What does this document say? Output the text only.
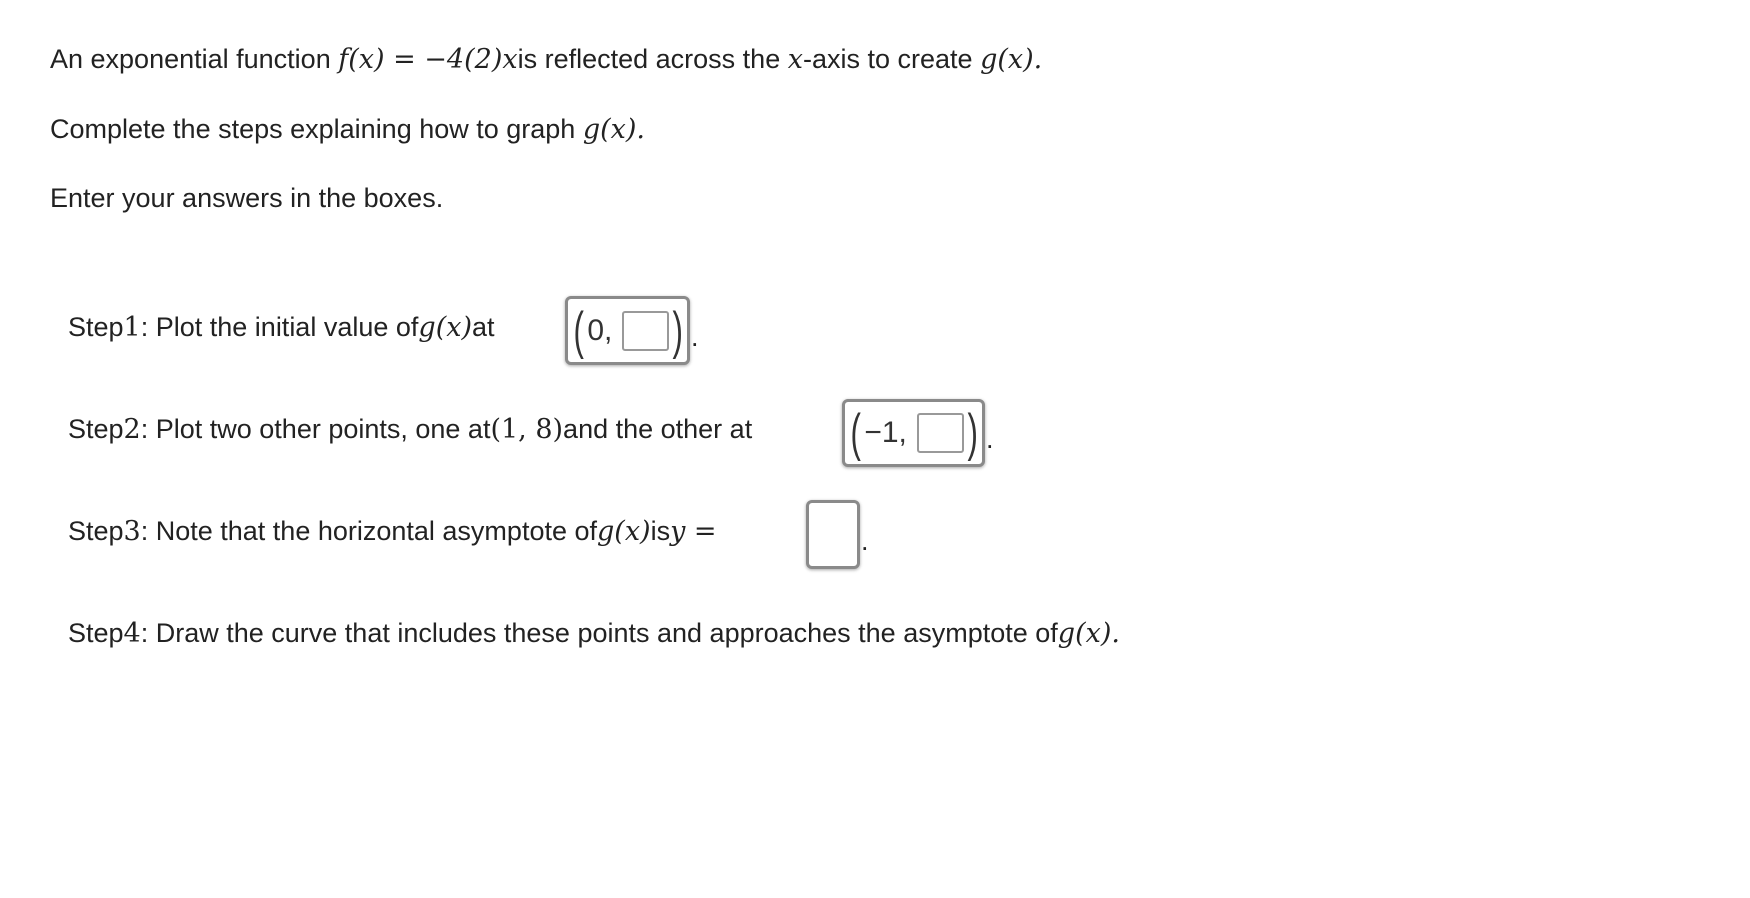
An exponential function
f(x) = −4(2) x is reflected across the
x -axis to create
g(x).
Complete the steps explaining how to graph
g(x).
Enter your answers in the boxes.
Step 1 : Plot the initial value of g(x) at ( 0, ) .
Step 2 : Plot two other points, one at (1, 8) and the other at ( −1, ) .
Step 3 : Note that the horizontal asymptote of g(x) is y =	.
Step 4 : Draw the curve that includes these points and approaches the asymptote of g(x).
